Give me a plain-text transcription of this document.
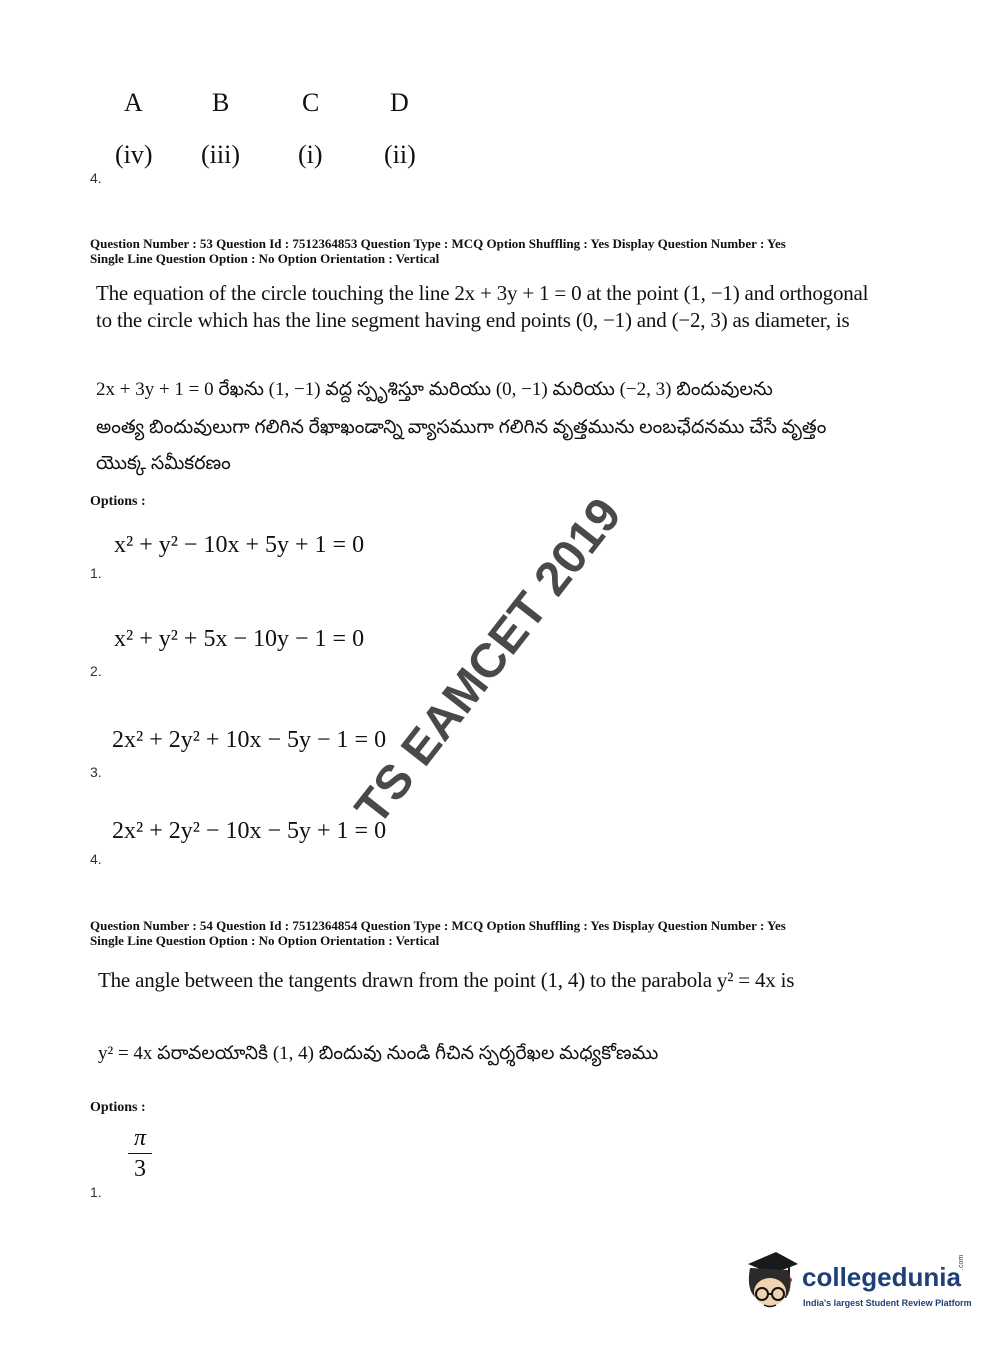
A	B	C	D
(iv) (iii) (i) (ii)
4.
Question Number : 53 Question Id : 7512364853 Question Type : MCQ Option Shuffling : Yes Display Question Number : Yes
Single Line Question Option : No Option Orientation : Vertical
The equation of the circle touching the line 2x + 3y + 1 = 0 at the point (1, −1) and orthogonal
to the circle which has the line segment having end points (0, −1) and (−2, 3) as diameter, is
2x + 3y + 1 = 0 రేఖను (1, −1) వద్ద స్పృశిస్తూ మరియు (0, −1) మరియు (−2, 3) బిందువులను
అంత్య బిందువులుగా గలిగిన రేఖాఖండాన్ని వ్యాసముగా గలిగిన వృత్తమును లంబఛేదనము చేసే వృత్తం
యొక్క సమీకరణం
Options :
x² + y² − 10x + 5y + 1 = 0
1.
x² + y² + 5x − 10y − 1 = 0
2.
2x² + 2y² + 10x − 5y − 1 = 0
3.
2x² + 2y² − 10x − 5y + 1 = 0
4.
TS EAMCET 2019
Question Number : 54 Question Id : 7512364854 Question Type : MCQ Option Shuffling : Yes Display Question Number : Yes
Single Line Question Option : No Option Orientation : Vertical
The angle between the tangents drawn from the point (1, 4) to the parabola y² = 4x is
y² = 4x పరావలయానికి (1, 4) బిందువు నుండి గీచిన స్పర్శరేఖల మధ్యకోణము
Options :
π
3
1.
collegedunia
.com
India's largest Student Review Platform
